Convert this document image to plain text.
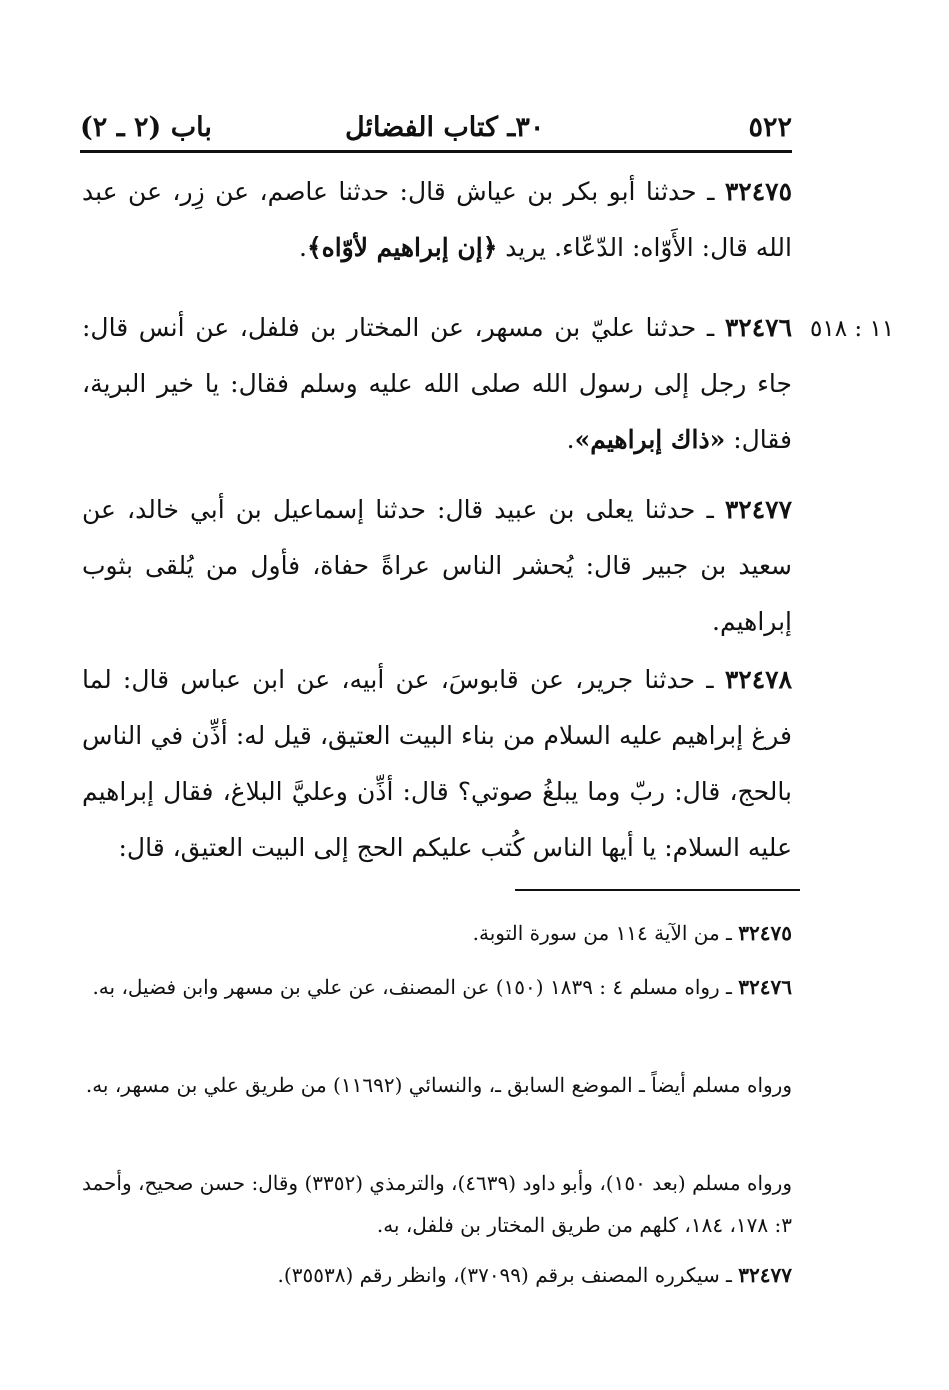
٥٢٢
٣٠ـ كتاب الفضائل
باب (٢ ـ ٢)
١١ : ٥١٨

٣٢٤٧٥ ـ حدثنا أبو بكر بن عياش قال: حدثنا عاصم، عن زِر، عن عبد الله قال: الأَوّاه: الدّعّاء. يريد ﴿إن إبراهيم لأوّاه﴾.

٣٢٤٧٦ ـ حدثنا عليّ بن مسهر، عن المختار بن فلفل، عن أنس قال: جاء رجل إلى رسول الله صلى الله عليه وسلم فقال: يا خير البرية، فقال: «ذاك إبراهيم».

٣٢٤٧٧ ـ حدثنا يعلى بن عبيد قال: حدثنا إسماعيل بن أبي خالد، عن سعيد بن جبير قال: يُحشر الناس عراةً حفاة، فأول من يُلقى بثوب إبراهيم.

٣٢٤٧٨ ـ حدثنا جرير، عن قابوسَ، عن أبيه، عن ابن عباس قال: لما فرغ إبراهيم عليه السلام من بناء البيت العتيق، قيل له: أذِّن في الناس بالحج، قال: ربّ وما يبلغُ صوتي؟ قال: أذِّن وعليَّ البلاغ، فقال إبراهيم عليه السلام: يا أيها الناس كُتب عليكم الحج إلى البيت العتيق، قال:

٣٢٤٧٥ ـ من الآية ١١٤ من سورة التوبة.

٣٢٤٧٦ ـ رواه مسلم ٤ : ١٨٣٩ (١٥٠) عن المصنف، عن علي بن مسهر وابن فضيل، به.

ورواه مسلم أيضاً ـ الموضع السابق ـ، والنسائي (١١٦٩٢) من طريق علي بن مسهر، به.

ورواه مسلم (بعد ١٥٠)، وأبو داود (٤٦٣٩)، والترمذي (٣٣٥٢) وقال: حسن صحيح، وأحمد ٣: ١٧٨، ١٨٤، كلهم من طريق المختار بن فلفل، به.

٣٢٤٧٧ ـ سيكرره المصنف برقم (٣٧٠٩٩)، وانظر رقم (٣٥٥٣٨).
